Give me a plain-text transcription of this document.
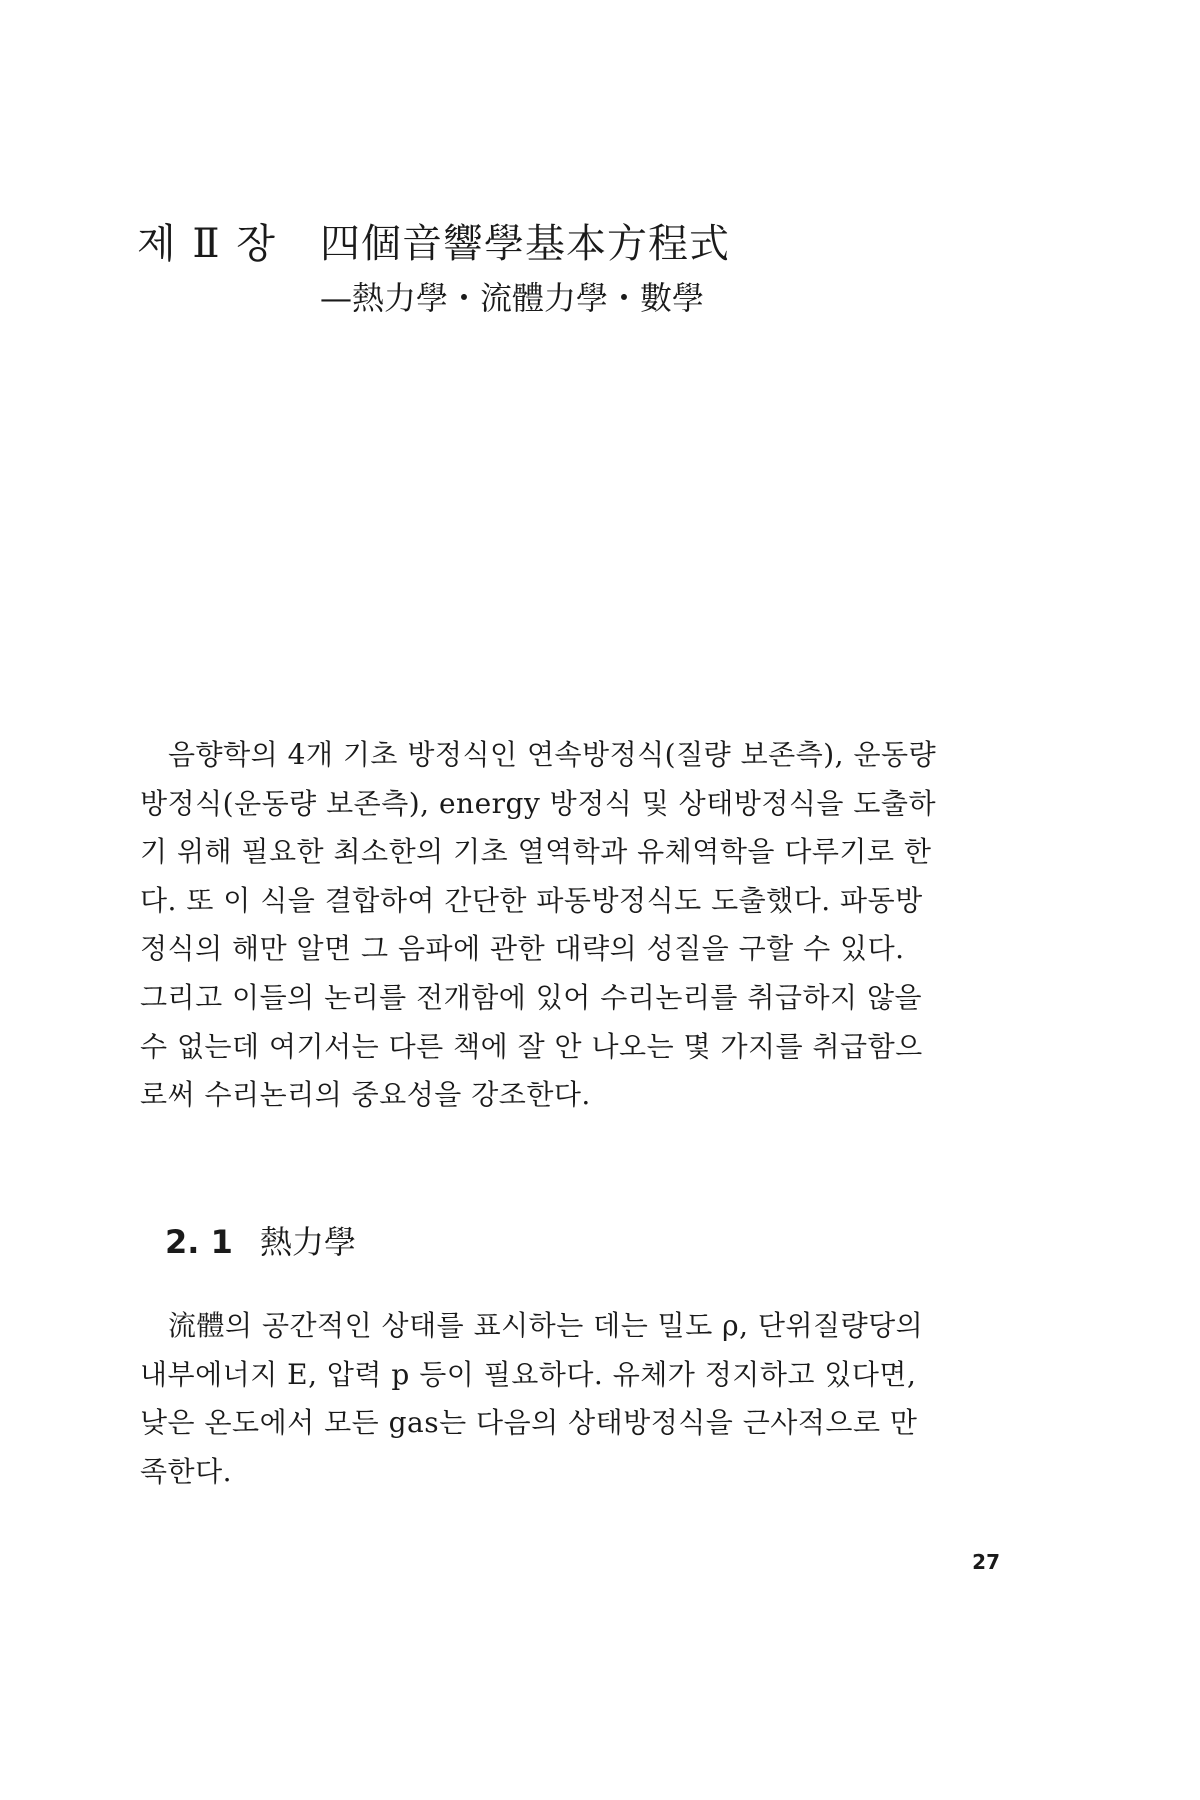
제 Ⅱ 장	四個音響學基本方程式
—熱力學・流體力學・數學
음향학의 4개 기초 방정식인 연속방정식(질량 보존측), 운동량
방정식(운동량 보존측), energy 방정식 및 상태방정식을 도출하
기 위해 필요한 최소한의 기초 열역학과 유체역학을 다루기로 한
다. 또 이 식을 결합하여 간단한 파동방정식도 도출했다. 파동방
정식의 해만 알면 그 음파에 관한 대략의 성질을 구할 수 있다.
그리고 이들의 논리를 전개함에 있어 수리논리를 취급하지 않을
수 없는데 여기서는 다른 책에 잘 안 나오는 몇 가지를 취급함으
로써 수리논리의 중요성을 강조한다.
2. 1 熱力學
流體의 공간적인 상태를 표시하는 데는 밀도 ρ, 단위질량당의
내부에너지 E, 압력 p 등이 필요하다. 유체가 정지하고 있다면,
낮은 온도에서 모든 gas는 다음의 상태방정식을 근사적으로 만
족한다.
27
